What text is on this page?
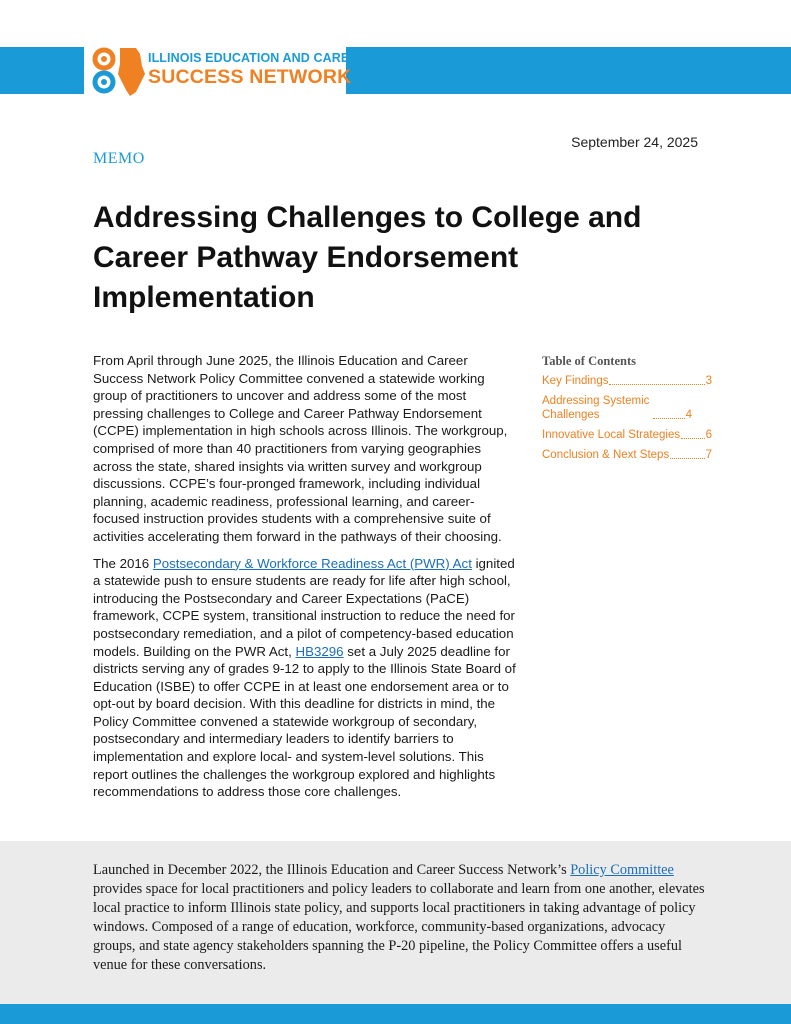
ILLINOIS EDUCATION AND CAREER
SUCCESS NETWORK
September 24, 2025
MEMO
Addressing Challenges to College and Career Pathway Endorsement Implementation

From April through June 2025, the Illinois Education and Career Success Network Policy Committee convened a statewide working group of practitioners to uncover and address some of the most pressing challenges to College and Career Pathway Endorsement (CCPE) implementation in high schools across Illinois. The workgroup, comprised of more than 40 practitioners from varying geographies across the state, shared insights via written survey and workgroup discussions. CCPE’s four-pronged framework, including individual planning, academic readiness, professional learning, and career-focused instruction provides students with a comprehensive suite of activities accelerating them forward in the pathways of their choosing.

The 2016 Postsecondary & Workforce Readiness Act (PWR) Act ignited a statewide push to ensure students are ready for life after high school, introducing the Postsecondary and Career Expectations (PaCE) framework, CCPE system, transitional instruction to reduce the need for postsecondary remediation, and a pilot of competency-based education models. Building on the PWR Act, HB3296 set a July 2025 deadline for districts serving any of grades 9-12 to apply to the Illinois State Board of Education (ISBE) to offer CCPE in at least one endorsement area or to opt-out by board decision. With this deadline for districts in mind, the Policy Committee convened a statewide workgroup of secondary, postsecondary and intermediary leaders to identify barriers to implementation and explore local- and system-level solutions. This report outlines the challenges the workgroup explored and highlights recommendations to address those core challenges.

Table of Contents
Key Findings	3
Addressing Systemic Challenges	4
Innovative Local Strategies 6
Conclusion & Next Steps	7
Launched in December 2022, the Illinois Education and Career Success Network’s Policy Committee provides space for local practitioners and policy leaders to collaborate and learn from one another, elevates local practice to inform Illinois state policy, and supports local practitioners in taking advantage of policy windows. Composed of a range of education, workforce, community-based organizations, advocacy groups, and state agency stakeholders spanning the P-20 pipeline, the Policy Committee offers a useful venue for these conversations.
